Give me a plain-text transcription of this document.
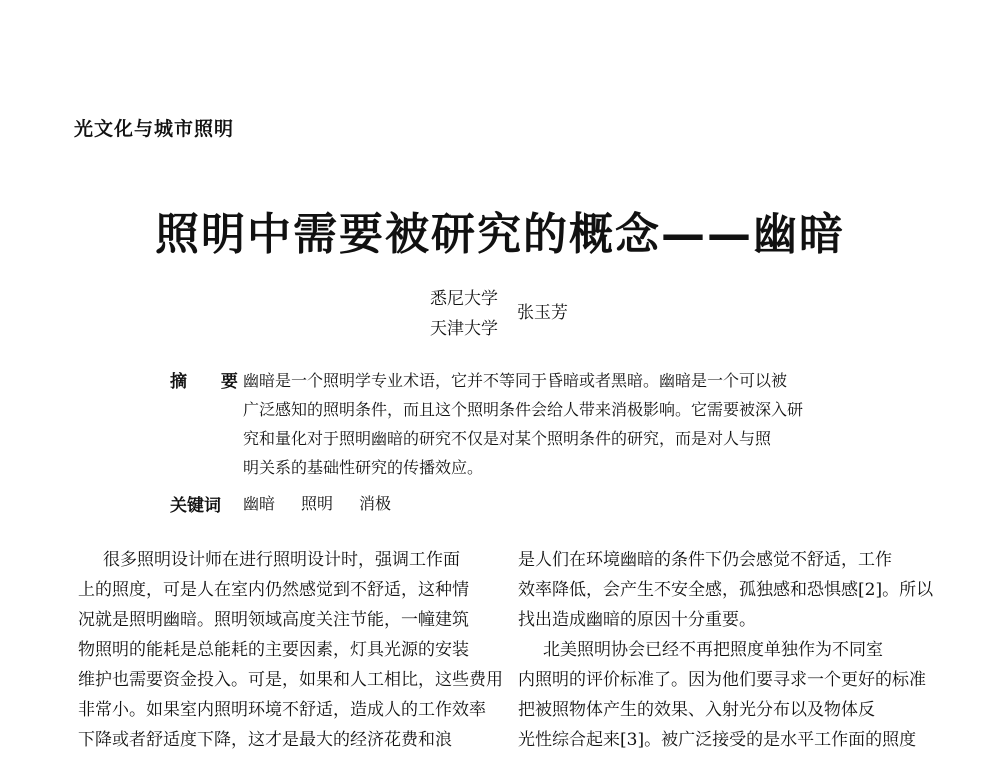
光文化与城市照明
照明中需要被研究的概念——幽暗
悉尼大学
天津大学
张玉芳
摘 要
幽暗是一个照明学专业术语，它并不等同于昏暗或者黑暗。幽暗是一个可以被
广泛感知的照明条件，而且这个照明条件会给人带来消极影响。它需要被深入研
究和量化对于照明幽暗的研究不仅是对某个照明条件的研究，而是对人与照
明关系的基础性研究的传播效应。
关键词 幽暗 照明 消极
很多照明设计师在进行照明设计时，强调工作面
上的照度，可是人在室内仍然感觉到不舒适，这种情
况就是照明幽暗。照明领域高度关注节能，一幢建筑
物照明的能耗是总能耗的主要因素，灯具光源的安装
维护也需要资金投入。可是，如果和人工相比，这些费用
非常小。如果室内照明环境不舒适，造成人的工作效率
下降或者舒适度下降，这才是最大的经济花费和浪
是人们在环境幽暗的条件下仍会感觉不舒适，工作
效率降低，会产生不安全感，孤独感和恐惧感[2]。所以
找出造成幽暗的原因十分重要。
北美照明协会已经不再把照度单独作为不同室
内照明的评价标准了。因为他们要寻求一个更好的标准
把被照物体产生的效果、入射光分布以及物体反
光性综合起来[3]。被广泛接受的是水平工作面的照度
